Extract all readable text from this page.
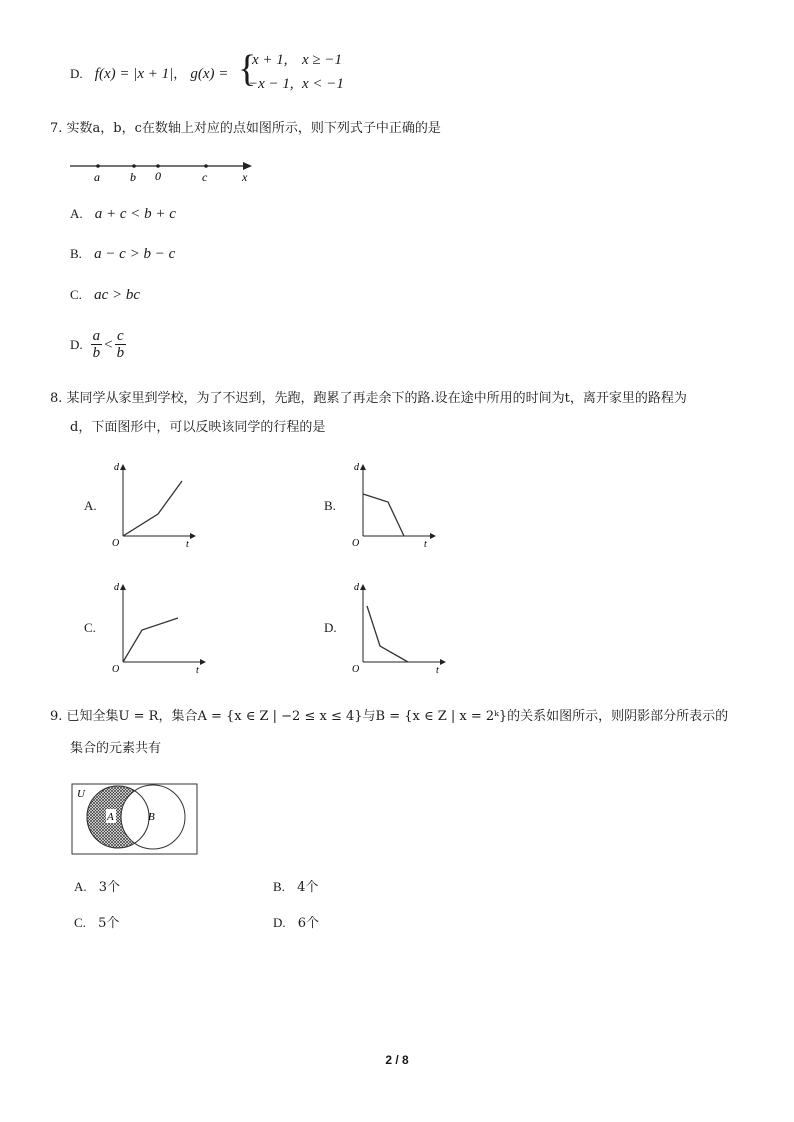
D. f(x) = |x + 1|， g(x) = {
x + 1, x ≥ −1
−x − 1, x < −1
7. 实数a，b，c在数轴上对应的点如图所示，则下列式子中正确的是
a	b 0	c	x
A. a + c < b + c
B. a − c > b − c
C. ac > bc
D. $\frac{a}{b} < \frac{c}{b}$
8. 某同学从家里到学校，为了不迟到，先跑，跑累了再走余下的路.设在途中所用的时间为t，离开家里的路程为
d，下面图形中，可以反映该同学的行程的是
A.
d
t
O
B.
d
t
O
C.
d
t
O
D.
d
t
O
9. 已知全集U = R，集合A = {x ∈ Z | −2 ≤ x ≤ 4}与B = {x ∈ Z | x = 2ᵏ}的关系如图所示，则阴影部分所表示的
集合的元素共有
U
A	B
A. 3个	B. 4个
C. 5个	D. 6个
2 / 8
